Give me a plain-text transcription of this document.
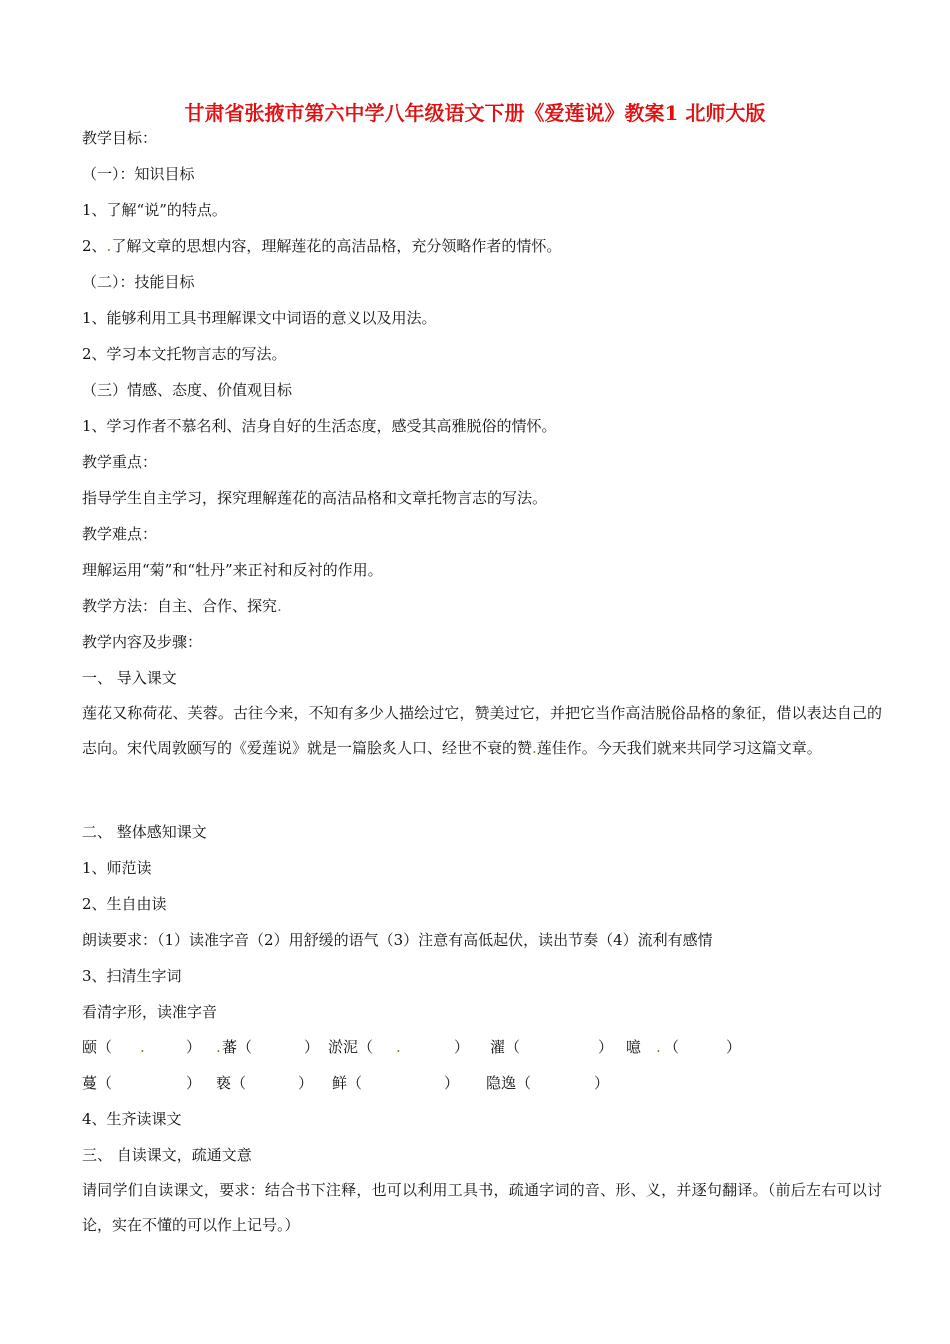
甘肃省张掖市第六中学八年级语文下册《爱莲说》教案1 北师大版
教学目标：
（一）：知识目标
1、了解“说”的特点。
2、.了解文章的思想内容，理解莲花的高洁品格，充分领略作者的情怀。
（二）：技能目标
1、能够利用工具书理解课文中词语的意义以及用法。
2、学习本文托物言志的写法。
（三）情感、态度、价值观目标
1、学习作者不慕名利、洁身自好的生活态度，感受其高雅脱俗的情怀。
教学重点：
指导学生自主学习，探究理解莲花的高洁品格和文章托物言志的写法。
教学难点：
理解运用“菊”和“牡丹”来正衬和反衬的作用。
教学方法：自主、合作、探究.
教学内容及步骤：
一、 导入课文
莲花又称荷花、芙蓉。古往今来，不知有多少人描绘过它，赞美过它，并把它当作高洁脱俗品格的象征，借以表达自己的志向。宋代周敦颐写的《爱莲说》就是一篇脍炙人口、经世不衰的赞.莲佳作。今天我们就来共同学习这篇文章。
二、 整体感知课文
1、师范读
2、生自由读
朗读要求：（1）读准字音（2）用舒缓的语气（3）注意有高低起伏，读出节奏（4）流利有感情
3、扫清生字词
看清字形，读准字音
颐（ .	） . 蕃（	） 淤泥（ .	） 濯（	） 噫 . （	）
蔓（	） 亵（	） 鲜（	） 隐逸（	）
4、生齐读课文
三、 自读课文，疏通文意
请同学们自读课文，要求：结合书下注释，也可以利用工具书，疏通字词的音、形、义，并逐句翻译。（前后左右可以讨论，实在不懂的可以作上记号。）
